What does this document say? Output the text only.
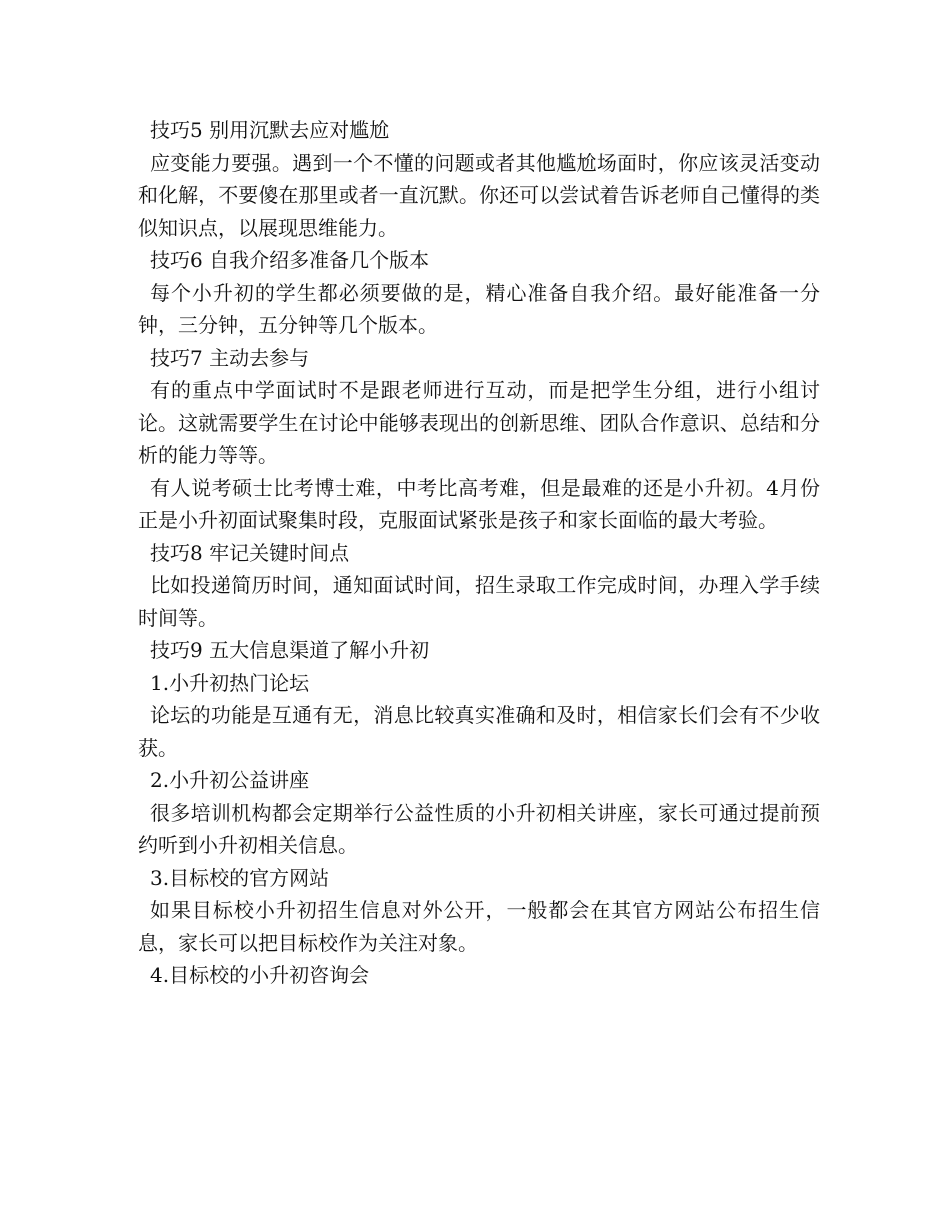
技巧5 别用沉默去应对尴尬

应变能力要强。遇到一个不懂的问题或者其他尴尬场面时，你应该灵活变动和化解，不要傻在那里或者一直沉默。你还可以尝试着告诉老师自己懂得的类似知识点，以展现思维能力。

技巧6 自我介绍多准备几个版本

每个小升初的学生都必须要做的是，精心准备自我介绍。最好能准备一分钟，三分钟，五分钟等几个版本。

技巧7 主动去参与

有的重点中学面试时不是跟老师进行互动，而是把学生分组，进行小组讨论。这就需要学生在讨论中能够表现出的创新思维、团队合作意识、总结和分析的能力等等。

有人说考硕士比考博士难，中考比高考难，但是最难的还是小升初。4月份正是小升初面试聚集时段，克服面试紧张是孩子和家长面临的最大考验。

技巧8 牢记关键时间点

比如投递简历时间，通知面试时间，招生录取工作完成时间，办理入学手续时间等。

技巧9 五大信息渠道了解小升初

1.小升初热门论坛

论坛的功能是互通有无，消息比较真实准确和及时，相信家长们会有不少收获。

2.小升初公益讲座

很多培训机构都会定期举行公益性质的小升初相关讲座，家长可通过提前预约听到小升初相关信息。

3.目标校的官方网站

如果目标校小升初招生信息对外公开，一般都会在其官方网站公布招生信息，家长可以把目标校作为关注对象。

4.目标校的小升初咨询会
